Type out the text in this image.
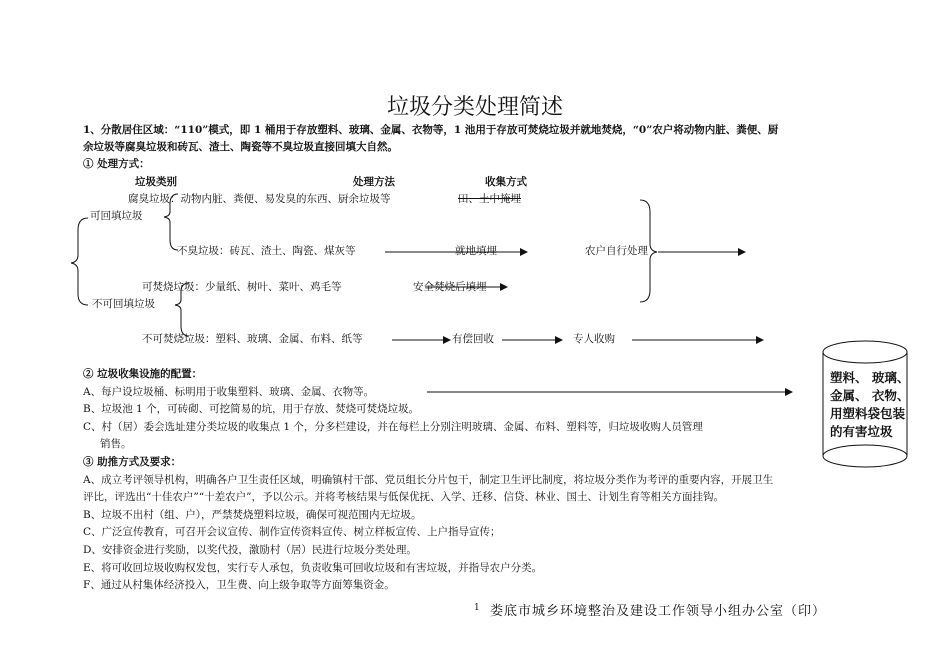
垃圾分类处理简述
1、分散居住区域：“110”模式，即 1 桶用于存放塑料、玻璃、金属、衣物等，1 池用于存放可焚烧垃圾并就地焚烧，“0”农户将动物内脏、粪便、厨
余垃圾等腐臭垃圾和砖瓦、渣土、陶瓷等不臭垃圾直接回填大自然。
① 处理方式：
垃圾类别	处理方法	收集方式
腐臭垃圾：动物内脏、粪便、易发臭的东西、厨余垃圾等	田、土中掩埋
可回填垃圾
不臭垃圾：砖瓦、渣土、陶瓷、煤灰等	就地填埋	农户自行处理
可焚烧垃圾：少量纸、树叶、菜叶、鸡毛等	安全焚烧后填埋
不可回填垃圾
不可焚烧垃圾：塑料、玻璃、金属、布料、纸等	有偿回收	专人收购
② 垃圾收集设施的配置：
A、每户设垃圾桶、标明用于收集塑料、玻璃、金属、衣物等。
B、垃圾池 1 个，可砖砌、可挖简易的坑，用于存放、焚烧可焚烧垃圾。
C、村（居）委会选址建分类垃圾的收集点 1 个，分多栏建设，并在每栏上分别注明玻璃、金属、布料、塑料等，归垃圾收购人员管理
销售。
③ 助推方式及要求：
A、成立考评领导机构，明确各户卫生责任区域，明确镇村干部、党员组长分片包干，制定卫生评比制度，将垃圾分类作为考评的重要内容，开展卫生
评比，评选出“十佳农户”“十差农户”，予以公示。并将考核结果与低保优抚、入学、迁移、信贷、林业、国土、计划生育等相关方面挂钩。
B、垃圾不出村（组、户），严禁焚烧塑料垃圾，确保可视范围内无垃圾。
C、广泛宣传教育，可召开会议宣传、制作宣传资料宣传、树立样板宣传、上户指导宣传；
D、安排资金进行奖励，以奖代投，激励村（居）民进行垃圾分类处理。
E、将可收回垃圾收购权发包，实行专人承包，负责收集可回收垃圾和有害垃圾，并指导农户分类。
F、通过从村集体经济投入，卫生费、向上级争取等方面筹集资金。
1 娄底市城乡环境整治及建设工作领导小组办公室（印）
塑料、 玻璃、
金属、 衣物、
用塑料袋包装
的有害垃圾
